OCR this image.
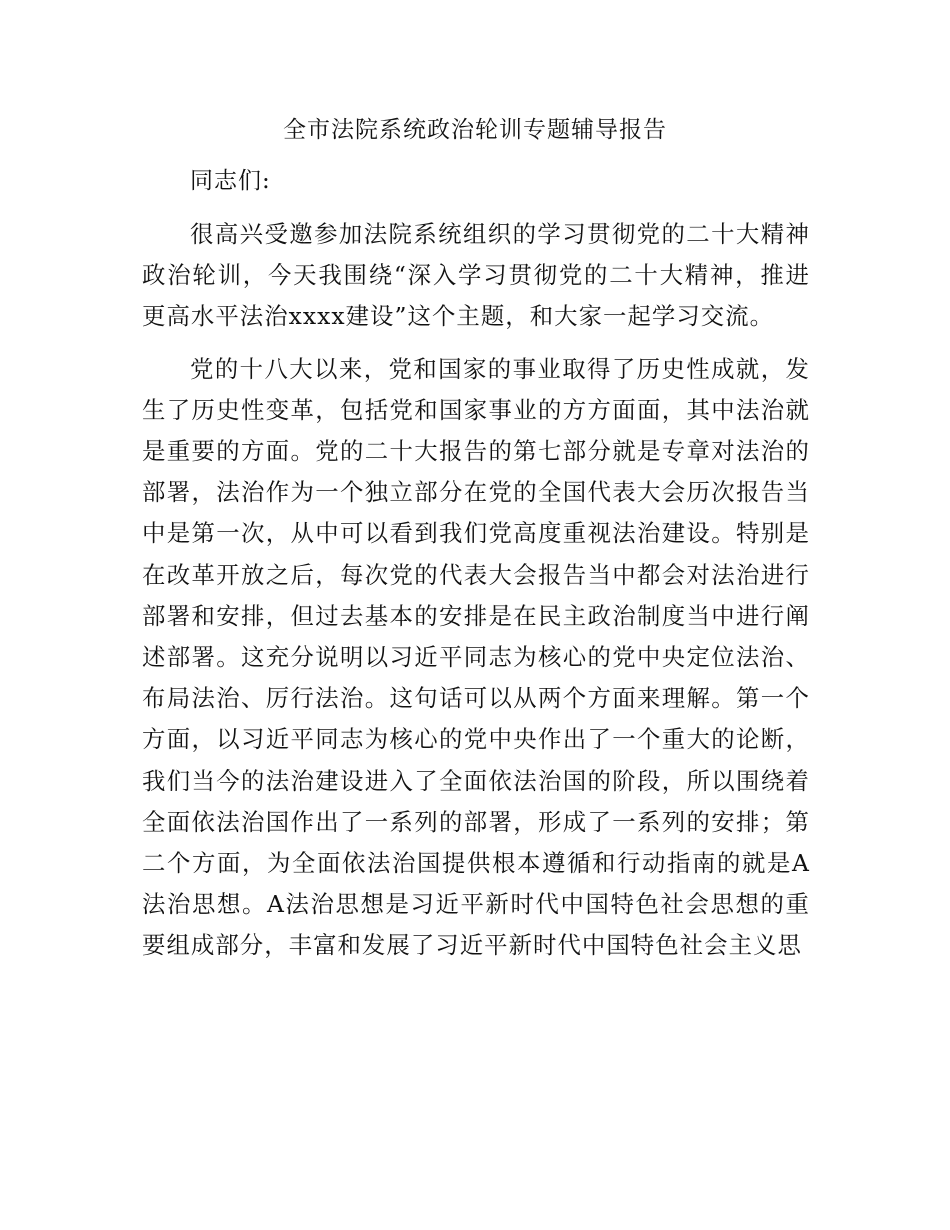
全市法院系统政治轮训专题辅导报告

同志们:

很高兴受邀参加法院系统组织的学习贯彻党的二十大精神政治轮训，今天我围绕“深入学习贯彻党的二十大精神，推进更高水平法治xxxx建设”这个主题，和大家一起学习交流。

党的十八大以来，党和国家的事业取得了历史性成就，发生了历史性变革，包括党和国家事业的方方面面，其中法治就是重要的方面。党的二十大报告的第七部分就是专章对法治的部署，法治作为一个独立部分在党的全国代表大会历次报告当中是第一次，从中可以看到我们党高度重视法治建设。特别是在改革开放之后，每次党的代表大会报告当中都会对法治进行部署和安排，但过去基本的安排是在民主政治制度当中进行阐述部署。这充分说明以习近平同志为核心的党中央定位法治、布局法治、厉行法治。这句话可以从两个方面来理解。第一个方面，以习近平同志为核心的党中央作出了一个重大的论断，我们当今的法治建设进入了全面依法治国的阶段，所以围绕着全面依法治国作出了一系列的部署，形成了一系列的安排；第二个方面，为全面依法治国提供根本遵循和行动指南的就是A法治思想。A法治思想是习近平新时代中国特色社会思想的重要组成部分，丰富和发展了习近平新时代中国特色社会主义思
